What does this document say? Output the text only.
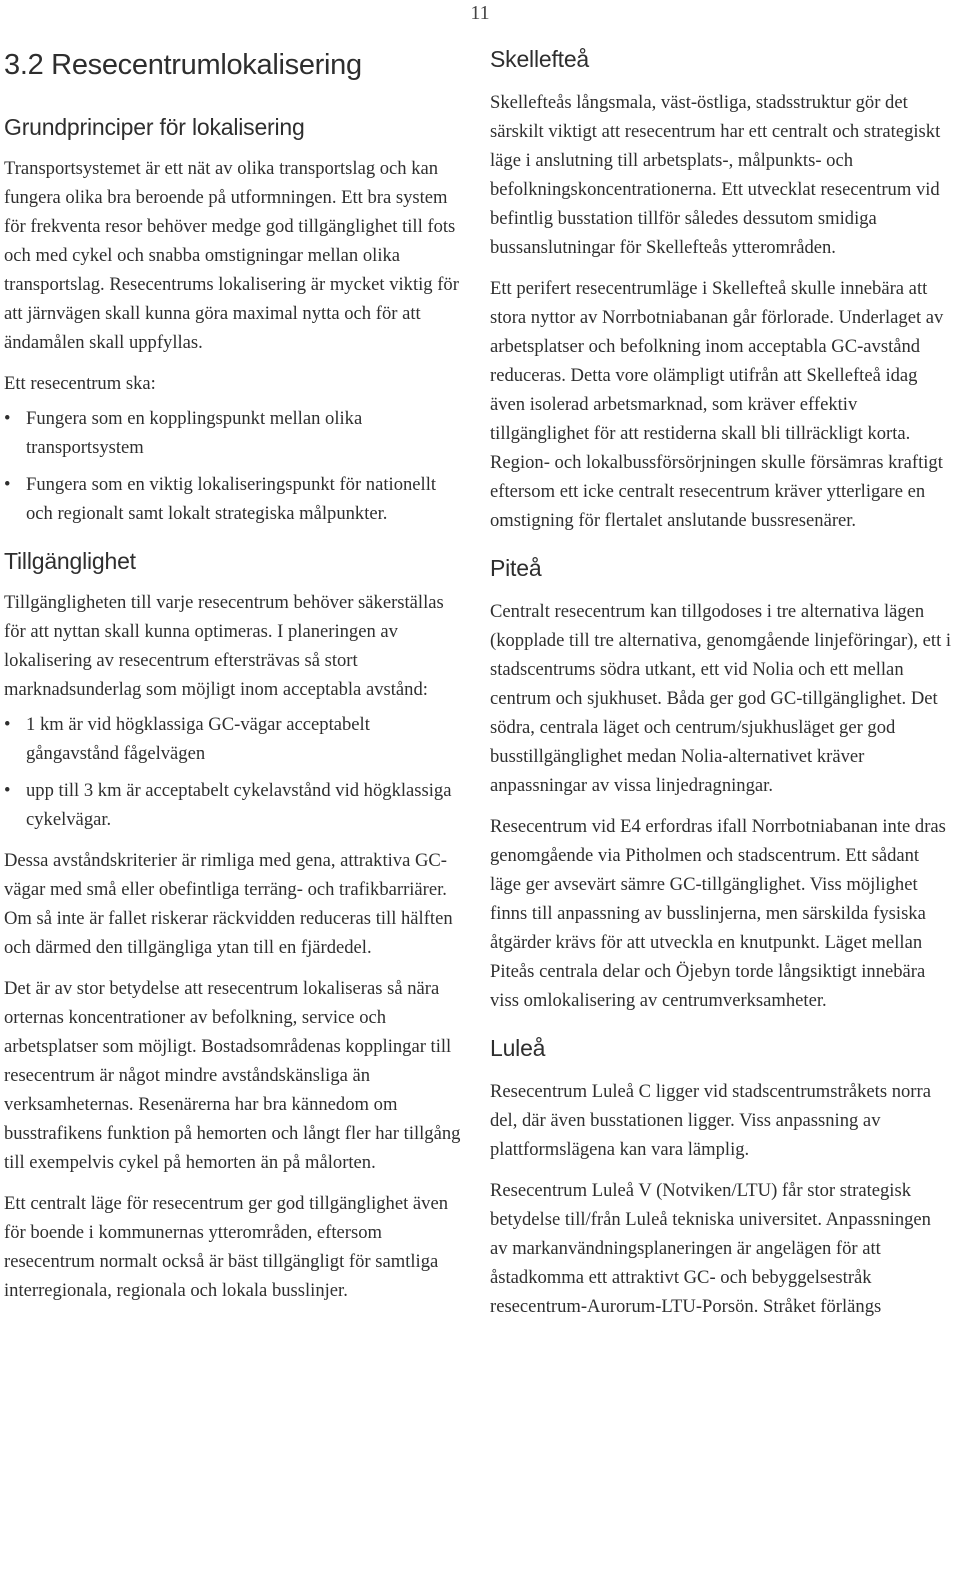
11
3.2 Resecentrumlokalisering
Grundprinciper för lokalisering

Transportsystemet är ett nät av olika transportslag och kan fungera olika bra beroende på utformningen. Ett bra system för frekventa resor behöver medge god tillgänglighet till fots och med cykel och snabba omstigningar mellan olika transportslag. Resecentrums lokalisering är mycket viktig för att järnvägen skall kunna göra maximal nytta och för att ändamålen skall uppfyllas.

Ett resecentrum ska:

• Fungera som en kopplingspunkt mellan olika transportsystem
• Fungera som en viktig lokaliseringspunkt för nationellt och regionalt samt lokalt strategiska målpunkter.
Tillgänglighet

Tillgängligheten till varje resecentrum behöver säkerställas för att nyttan skall kunna optimeras. I planeringen av lokalisering av resecentrum eftersträvas så stort marknadsunderlag som möjligt inom acceptabla avstånd:

• 1 km är vid högklassiga GC-vägar acceptabelt gångavstånd fågelvägen
• upp till 3 km är acceptabelt cykelavstånd vid högklassiga cykelvägar.

Dessa avståndskriterier är rimliga med gena, attraktiva GC-vägar med små eller obefintliga terräng- och trafikbarriärer. Om så inte är fallet riskerar räckvidden reduceras till hälften och därmed den tillgängliga ytan till en fjärdedel.

Det är av stor betydelse att resecentrum lokaliseras så nära orternas koncentrationer av befolkning, service och arbetsplatser som möjligt. Bostadsområdenas kopplingar till resecentrum är något mindre avståndskänsliga än verksamheternas. Resenärerna har bra kännedom om busstrafikens funktion på hemorten och långt fler har tillgång till exempelvis cykel på hemorten än på målorten.

Ett centralt läge för resecentrum ger god tillgänglighet även för boende i kommunernas ytterområden, eftersom resecentrum normalt också är bäst tillgängligt för samtliga interregionala, regionala och lokala busslinjer.

Skellefteå

Skellefteås långsmala, väst-östliga, stadsstruktur gör det särskilt viktigt att resecentrum har ett centralt och strategiskt läge i anslutning till arbetsplats-, målpunkts- och befolkningskoncentrationerna. Ett utvecklat resecentrum vid befintlig busstation tillför således dessutom smidiga bussanslutningar för Skellefteås ytterområden.

Ett perifert resecentrumläge i Skellefteå skulle innebära att stora nyttor av Norrbotniabanan går förlorade. Underlaget av arbetsplatser och befolkning inom acceptabla GC-avstånd reduceras. Detta vore olämpligt utifrån att Skellefteå idag även isolerad arbetsmarknad, som kräver effektiv tillgänglighet för att restiderna skall bli tillräckligt korta. Region- och lokalbussförsörjningen skulle försämras kraftigt eftersom ett icke centralt resecentrum kräver ytterligare en omstigning för flertalet anslutande bussresenärer.

Piteå

Centralt resecentrum kan tillgodoses i tre alternativa lägen (kopplade till tre alternativa, genomgående linjeföringar), ett i stadscentrums södra utkant, ett vid Nolia och ett mellan centrum och sjukhuset. Båda ger god GC-tillgänglighet. Det södra, centrala läget och centrum/sjukhusläget ger god busstillgänglighet medan Nolia-alternativet kräver anpassningar av vissa linjedragningar.

Resecentrum vid E4 erfordras ifall Norrbotniabanan inte dras genomgående via Pitholmen och stadscentrum. Ett sådant läge ger avsevärt sämre GC-tillgänglighet. Viss möjlighet finns till anpassning av busslinjerna, men särskilda fysiska åtgärder krävs för att utveckla en knutpunkt. Läget mellan Piteås centrala delar och Öjebyn torde långsiktigt innebära viss omlokalisering av centrumverksamheter.

Luleå

Resecentrum Luleå C ligger vid stadscentrumstråkets norra del, där även busstationen ligger. Viss anpassning av plattformslägena kan vara lämplig.

Resecentrum Luleå V (Notviken/LTU) får stor strategisk betydelse till/från Luleå tekniska universitet. Anpassningen av markanvändningsplaneringen är angelägen för att åstadkomma ett attraktivt GC- och bebyggelsestråk resecentrum-Aurorum-LTU-Porsön. Stråket förlängs
